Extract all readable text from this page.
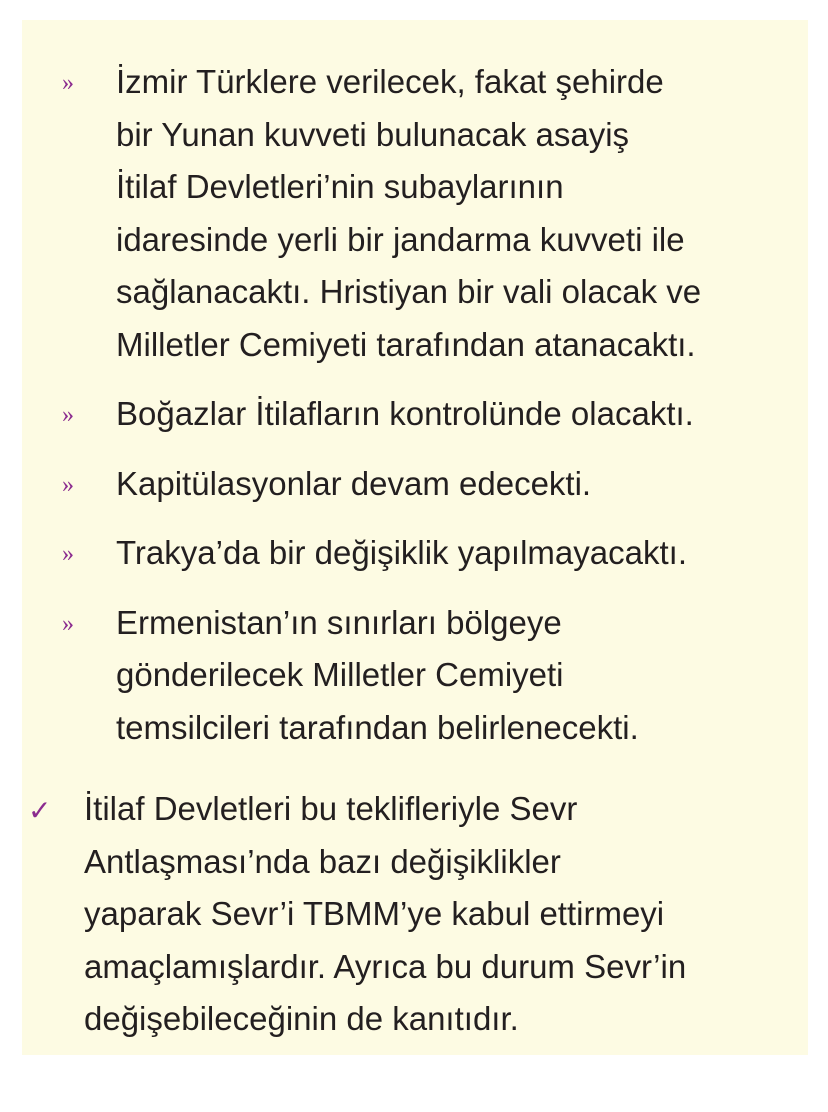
» İzmir Türklere verilecek, fakat şehirde
bir Yunan kuvveti bulunacak asayiş
İtilaf Devletleri’nin subaylarının
idaresinde yerli bir jandarma kuvveti ile
sağlanacaktı. Hristiyan bir vali olacak ve
Milletler Cemiyeti tarafından atanacaktı.
» Boğazlar İtilafların kontrolünde olacaktı.
» Kapitülasyonlar devam edecekti.
» Trakya’da bir değişiklik yapılmayacaktı.
» Ermenistan’ın sınırları bölgeye
gönderilecek Milletler Cemiyeti
temsilcileri tarafından belirlenecekti.
✓ İtilaf Devletleri bu teklifleriyle Sevr
Antlaşması’nda bazı değişiklikler
yaparak Sevr’i TBMM’ye kabul ettirmeyi
amaçlamışlardır. Ayrıca bu durum Sevr’in
değişebileceğinin de kanıtıdır.
